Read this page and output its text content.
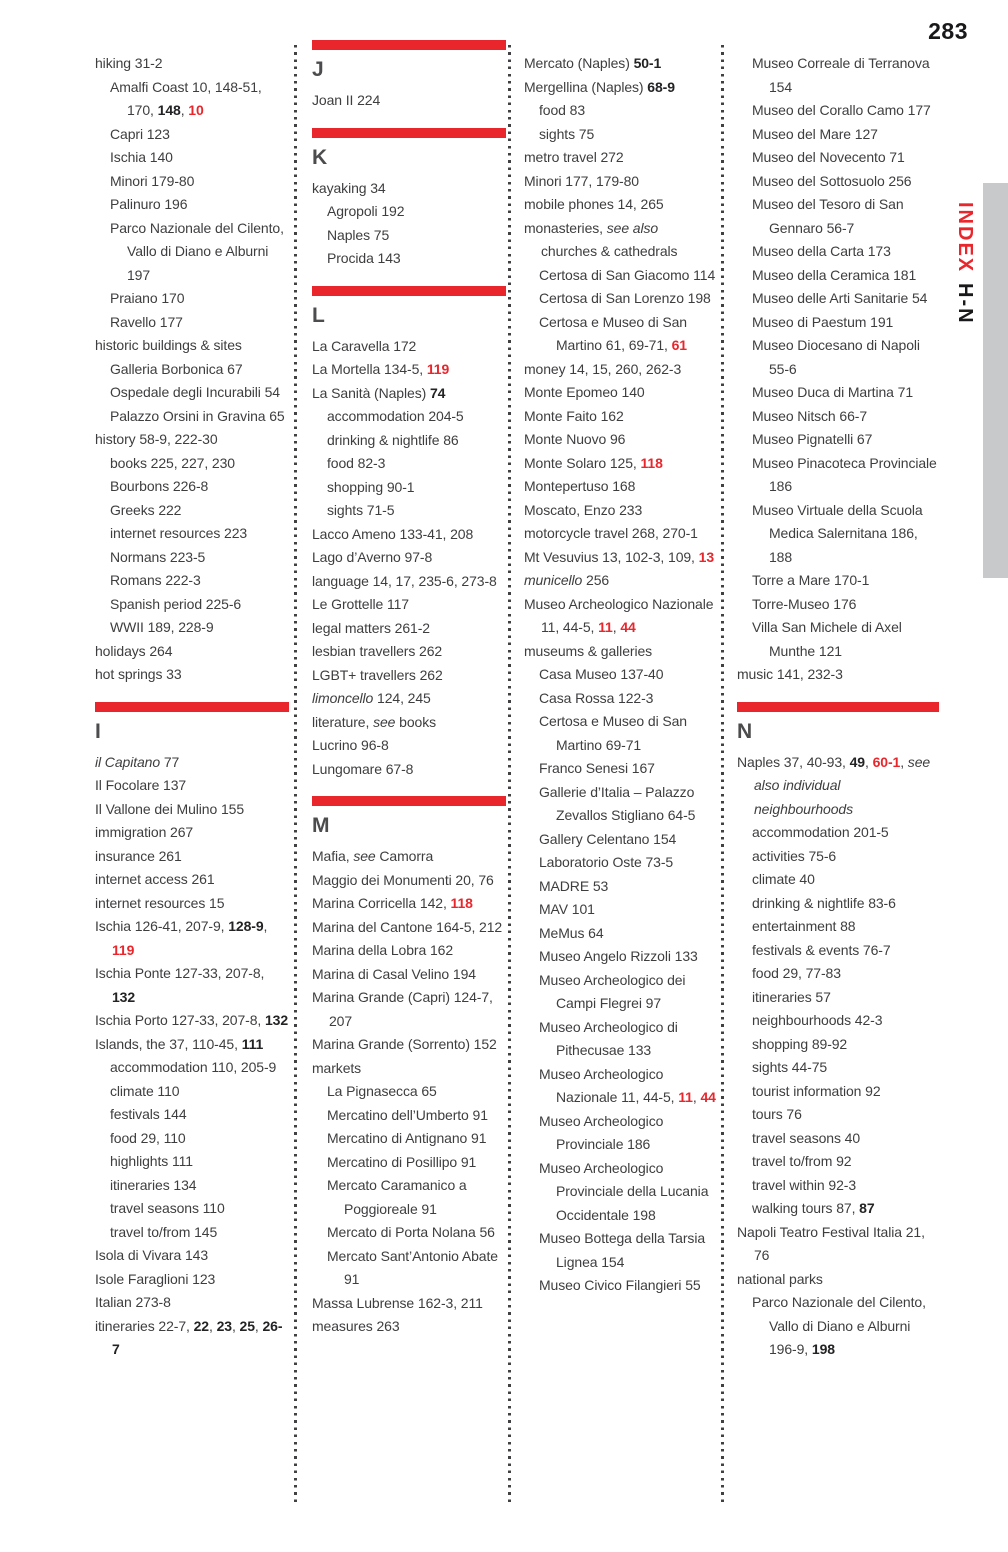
283
INDEXH-N

hiking 31-2

Amalfi Coast 10, 148-51, 170, 148, 10

Capri 123

Ischia 140

Minori 179-80

Palinuro 196

Parco Nazionale del Cilento, Vallo di Diano e Alburni 197

Praiano 170

Ravello 177

historic buildings & sites

Galleria Borbonica 67

Ospedale degli Incurabili 54

Palazzo Orsini in Gravina 65

history 58-9, 222-30

books 225, 227, 230

Bourbons 226-8

Greeks 222

internet resources 223

Normans 223-5

Romans 222-3

Spanish period 225-6

WWII 189, 228-9

holidays 264

hot springs 33

I

il Capitano 77

Il Focolare 137

Il Vallone dei Mulino 155

immigration 267

insurance 261

internet access 261

internet resources 15

Ischia 126-41, 207-9, 128-9, 119

Ischia Ponte 127-33, 207-8, 132

Ischia Porto 127-33, 207-8, 132

Islands, the 37, 110-45, 111

accommodation 110, 205-9

climate 110

festivals 144

food 29, 110

highlights 111

itineraries 134

travel seasons 110

travel to/from 145

Isola di Vivara 143

Isole Faraglioni 123

Italian 273-8

itineraries 22-7, 22, 23, 25, 26-7

J

Joan II 224

K

kayaking 34

Agropoli 192

Naples 75

Procida 143

L

La Caravella 172

La Mortella 134-5, 119

La Sanità (Naples) 74

accommodation 204-5

drinking & nightlife 86

food 82-3

shopping 90-1

sights 71-5

Lacco Ameno 133-41, 208

Lago d’Averno 97-8

language 14, 17, 235-6, 273-8

Le Grottelle 117

legal matters 261-2

lesbian travellers 262

LGBT+ travellers 262

limoncello 124, 245

literature, see books

Lucrino 96-8

Lungomare 67-8

M

Mafia, see Camorra

Maggio dei Monumenti 20, 76

Marina Corricella 142, 118

Marina del Cantone 164-5, 212

Marina della Lobra 162

Marina di Casal Velino 194

Marina Grande (Capri) 124-7, 207

Marina Grande (Sorrento) 152

markets

La Pignasecca 65

Mercatino dell’Umberto 91

Mercatino di Antignano 91

Mercatino di Posillipo 91

Mercato Caramanico a Poggioreale 91

Mercato di Porta Nolana 56

Mercato Sant’Antonio Abate 91

Massa Lubrense 162-3, 211

measures 263

Mercato (Naples) 50-1

Mergellina (Naples) 68-9

food 83

sights 75

metro travel 272

Minori 177, 179-80

mobile phones 14, 265

monasteries, see also churches & cathedrals

Certosa di San Giacomo 114

Certosa di San Lorenzo 198

Certosa e Museo di San Martino 61, 69-71, 61

money 14, 15, 260, 262-3

Monte Epomeo 140

Monte Faito 162

Monte Nuovo 96

Monte Solaro 125, 118

Montepertuso 168

Moscato, Enzo 233

motorcycle travel 268, 270-1

Mt Vesuvius 13, 102-3, 109, 13

municello 256

Museo Archeologico Nazionale 11, 44-5, 11, 44

museums & galleries

Casa Museo 137-40

Casa Rossa 122-3

Certosa e Museo di San Martino 69-71

Franco Senesi 167

Gallerie d’Italia – Palazzo Zevallos Stigliano 64-5

Gallery Celentano 154

Laboratorio Oste 73-5

MADRE 53

MAV 101

MeMus 64

Museo Angelo Rizzoli 133

Museo Archeologico dei Campi Flegrei 97

Museo Archeologico di Pithecusae 133

Museo Archeologico Nazionale 11, 44-5, 11, 44

Museo Archeologico Provinciale 186

Museo Archeologico Provinciale della Lucania Occidentale 198

Museo Bottega della Tarsia Lignea 154

Museo Civico Filangieri 55

Museo Correale di Terranova 154

Museo del Corallo Camo 177

Museo del Mare 127

Museo del Novecento 71

Museo del Sottosuolo 256

Museo del Tesoro di San Gennaro 56-7

Museo della Carta 173

Museo della Ceramica 181

Museo delle Arti Sanitarie 54

Museo di Paestum 191

Museo Diocesano di Napoli 55-6

Museo Duca di Martina 71

Museo Nitsch 66-7

Museo Pignatelli 67

Museo Pinacoteca Provinciale 186

Museo Virtuale della Scuola Medica Salernitana 186, 188

Torre a Mare 170-1

Torre-Museo 176

Villa San Michele di Axel Munthe 121

music 141, 232-3

N

Naples 37, 40-93, 49, 60-1, see also individual neighbourhoods

accommodation 201-5

activities 75-6

climate 40

drinking & nightlife 83-6

entertainment 88

festivals & events 76-7

food 29, 77-83

itineraries 57

neighbourhoods 42-3

shopping 89-92

sights 44-75

tourist information 92

tours 76

travel seasons 40

travel to/from 92

travel within 92-3

walking tours 87, 87

Napoli Teatro Festival Italia 21, 76

national parks

Parco Nazionale del Cilento, Vallo di Diano e Alburni 196-9, 198
